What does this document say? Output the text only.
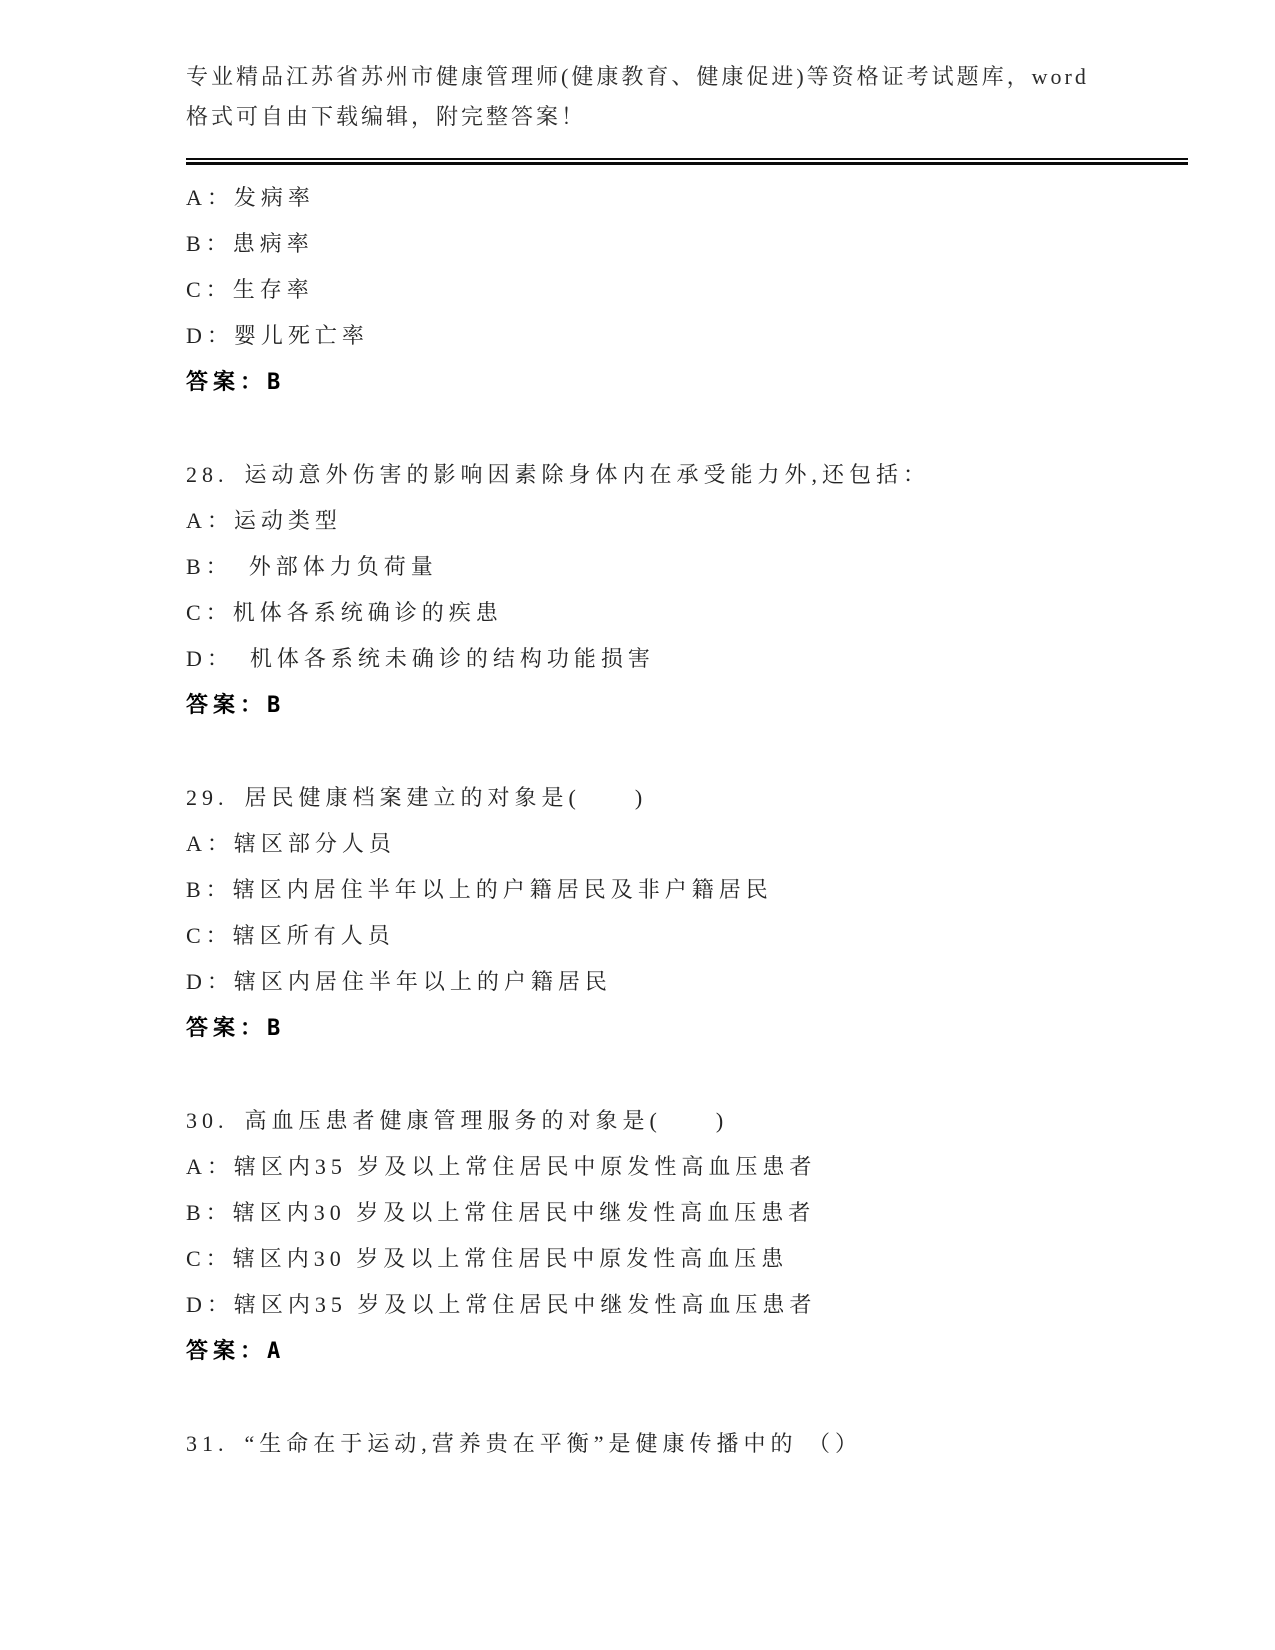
专业精品江苏省苏州市健康管理师(健康教育、健康促进)等资格证考试题库，word

格式可自由下载编辑，附完整答案！

A：发病率

B：患病率

C：生存率

D：婴儿死亡率

答案：B

28. 运动意外伤害的影响因素除身体内在承受能力外,还包括：

A：运动类型

B：　外部体力负荷量

C：机体各系统确诊的疾患

D：　机体各系统未确诊的结构功能损害

答案：B

29. 居民健康档案建立的对象是(　　)

A：辖区部分人员

B：辖区内居住半年以上的户籍居民及非户籍居民

C：辖区所有人员

D：辖区内居住半年以上的户籍居民

答案：B

30. 高血压患者健康管理服务的对象是(　　)

A：辖区内35 岁及以上常住居民中原发性高血压患者

B：辖区内30 岁及以上常住居民中继发性高血压患者

C：辖区内30 岁及以上常住居民中原发性高血压患

D：辖区内35 岁及以上常住居民中继发性高血压患者

答案：A

31. “生命在于运动,营养贵在平衡”是健康传播中的 （）
